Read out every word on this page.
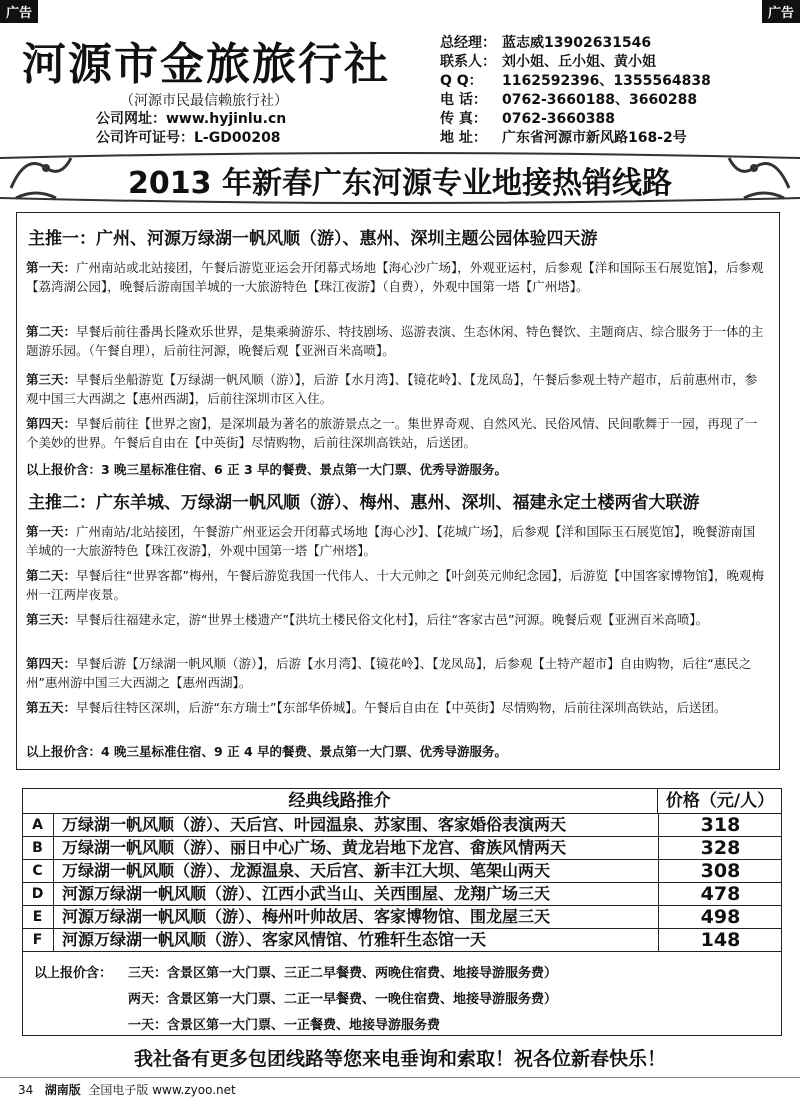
广告	广告
河源市金旅旅行社
（河源市民最信赖旅行社）
公司网址：www.hyjinlu.cn
公司许可证号：L-GD00208
总经理： 蓝志威13902631546
联系人： 刘小姐、丘小姐、黄小姐
Q Q： 1162592396、1355564838
电 话： 0762-3660188、3660288
传 真： 0762-3660388
地 址： 广东省河源市新风路168-2号
2013 年新春广东河源专业地接热销线路
主推一：广州、河源万绿湖一帆风顺（游）、惠州、深圳主题公园体验四天游
第一天：广州南站或北站接团，午餐后游览亚运会开闭幕式场地【海心沙广场】，外观亚运村，后参观【洋和国际玉石展览馆】，后参观【荔湾湖公园】，晚餐后游南国羊城的一大旅游特色【珠江夜游】（自费），外观中国第一塔【广州塔】。
第二天：早餐后前往番禺长隆欢乐世界，是集乘骑游乐、特技剧场、巡游表演、生态休闲、特色餐饮、主题商店、综合服务于一体的主题游乐园。（午餐自理），后前往河源，晚餐后观【亚洲百米高喷】。
第三天：早餐后坐船游览【万绿湖一帆风顺（游）】，后游【水月湾】、【镜花岭】、【龙凤岛】，午餐后参观土特产超市，后前惠州市，参观中国三大西湖之【惠州西湖】，后前往深圳市区入住。
第四天：早餐后前往【世界之窗】，是深圳最为著名的旅游景点之一。集世界奇观、自然风光、民俗风情、民间歌舞于一园，再现了一个美妙的世界。午餐后自由在【中英街】尽情购物，后前往深圳高铁站，后送团。
以上报价含：3 晚三星标准住宿、6 正 3 早的餐费、景点第一大门票、优秀导游服务。
主推二：广东羊城、万绿湖一帆风顺（游）、梅州、惠州、深圳、福建永定土楼两省大联游
第一天：广州南站/北站接团，午餐游广州亚运会开闭幕式场地【海心沙】、【花城广场】，后参观【洋和国际玉石展览馆】，晚餐游南国羊城的一大旅游特色【珠江夜游】，外观中国第一塔【广州塔】。
第二天：早餐后往“世界客都”梅州，午餐后游览我国一代伟人、十大元帅之【叶剑英元帅纪念园】，后游览【中国客家博物馆】，晚观梅州一江两岸夜景。
第三天：早餐后往福建永定，游“世界土楼遗产”【洪坑土楼民俗文化村】，后往“客家古邑”河源。晚餐后观【亚洲百米高喷】。
第四天：早餐后游【万绿湖一帆风顺（游）】，后游【水月湾】、【镜花岭】、【龙凤岛】，后参观【土特产超市】自由购物，后往“惠民之州”惠州游中国三大西湖之【惠州西湖】。
第五天：早餐后往特区深圳，后游“东方瑞士”【东部华侨城】。午餐后自由在【中英街】尽情购物，后前往深圳高铁站，后送团。
以上报价含：4 晚三星标准住宿、9 正 4 早的餐费、景点第一大门票、优秀导游服务。
经典线路推介	价格（元/人）
A	万绿湖一帆风顺（游）、天后宫、叶园温泉、苏家围、客家婚俗表演两天	318
B	万绿湖一帆风顺（游）、丽日中心广场、黄龙岩地下龙宫、畲族风情两天	328
C	万绿湖一帆风顺（游）、龙源温泉、天后宫、新丰江大坝、笔架山两天	308
D	河源万绿湖一帆风顺（游）、江西小武当山、关西围屋、龙翔广场三天	478
E	河源万绿湖一帆风顺（游）、梅州叶帅故居、客家博物馆、围龙屋三天	498
F	河源万绿湖一帆风顺（游）、客家风情馆、竹雅轩生态馆一天	148
以上报价含： 三天：含景区第一大门票、三正二早餐费、两晚住宿费、地接导游服务费）
两天：含景区第一大门票、二正一早餐费、一晚住宿费、地接导游服务费）
一天：含景区第一大门票、一正餐费、地接导游服务费
我社备有更多包团线路等您来电垂询和索取！祝各位新春快乐！
34 湖南版 全国电子版 www.zyoo.net
